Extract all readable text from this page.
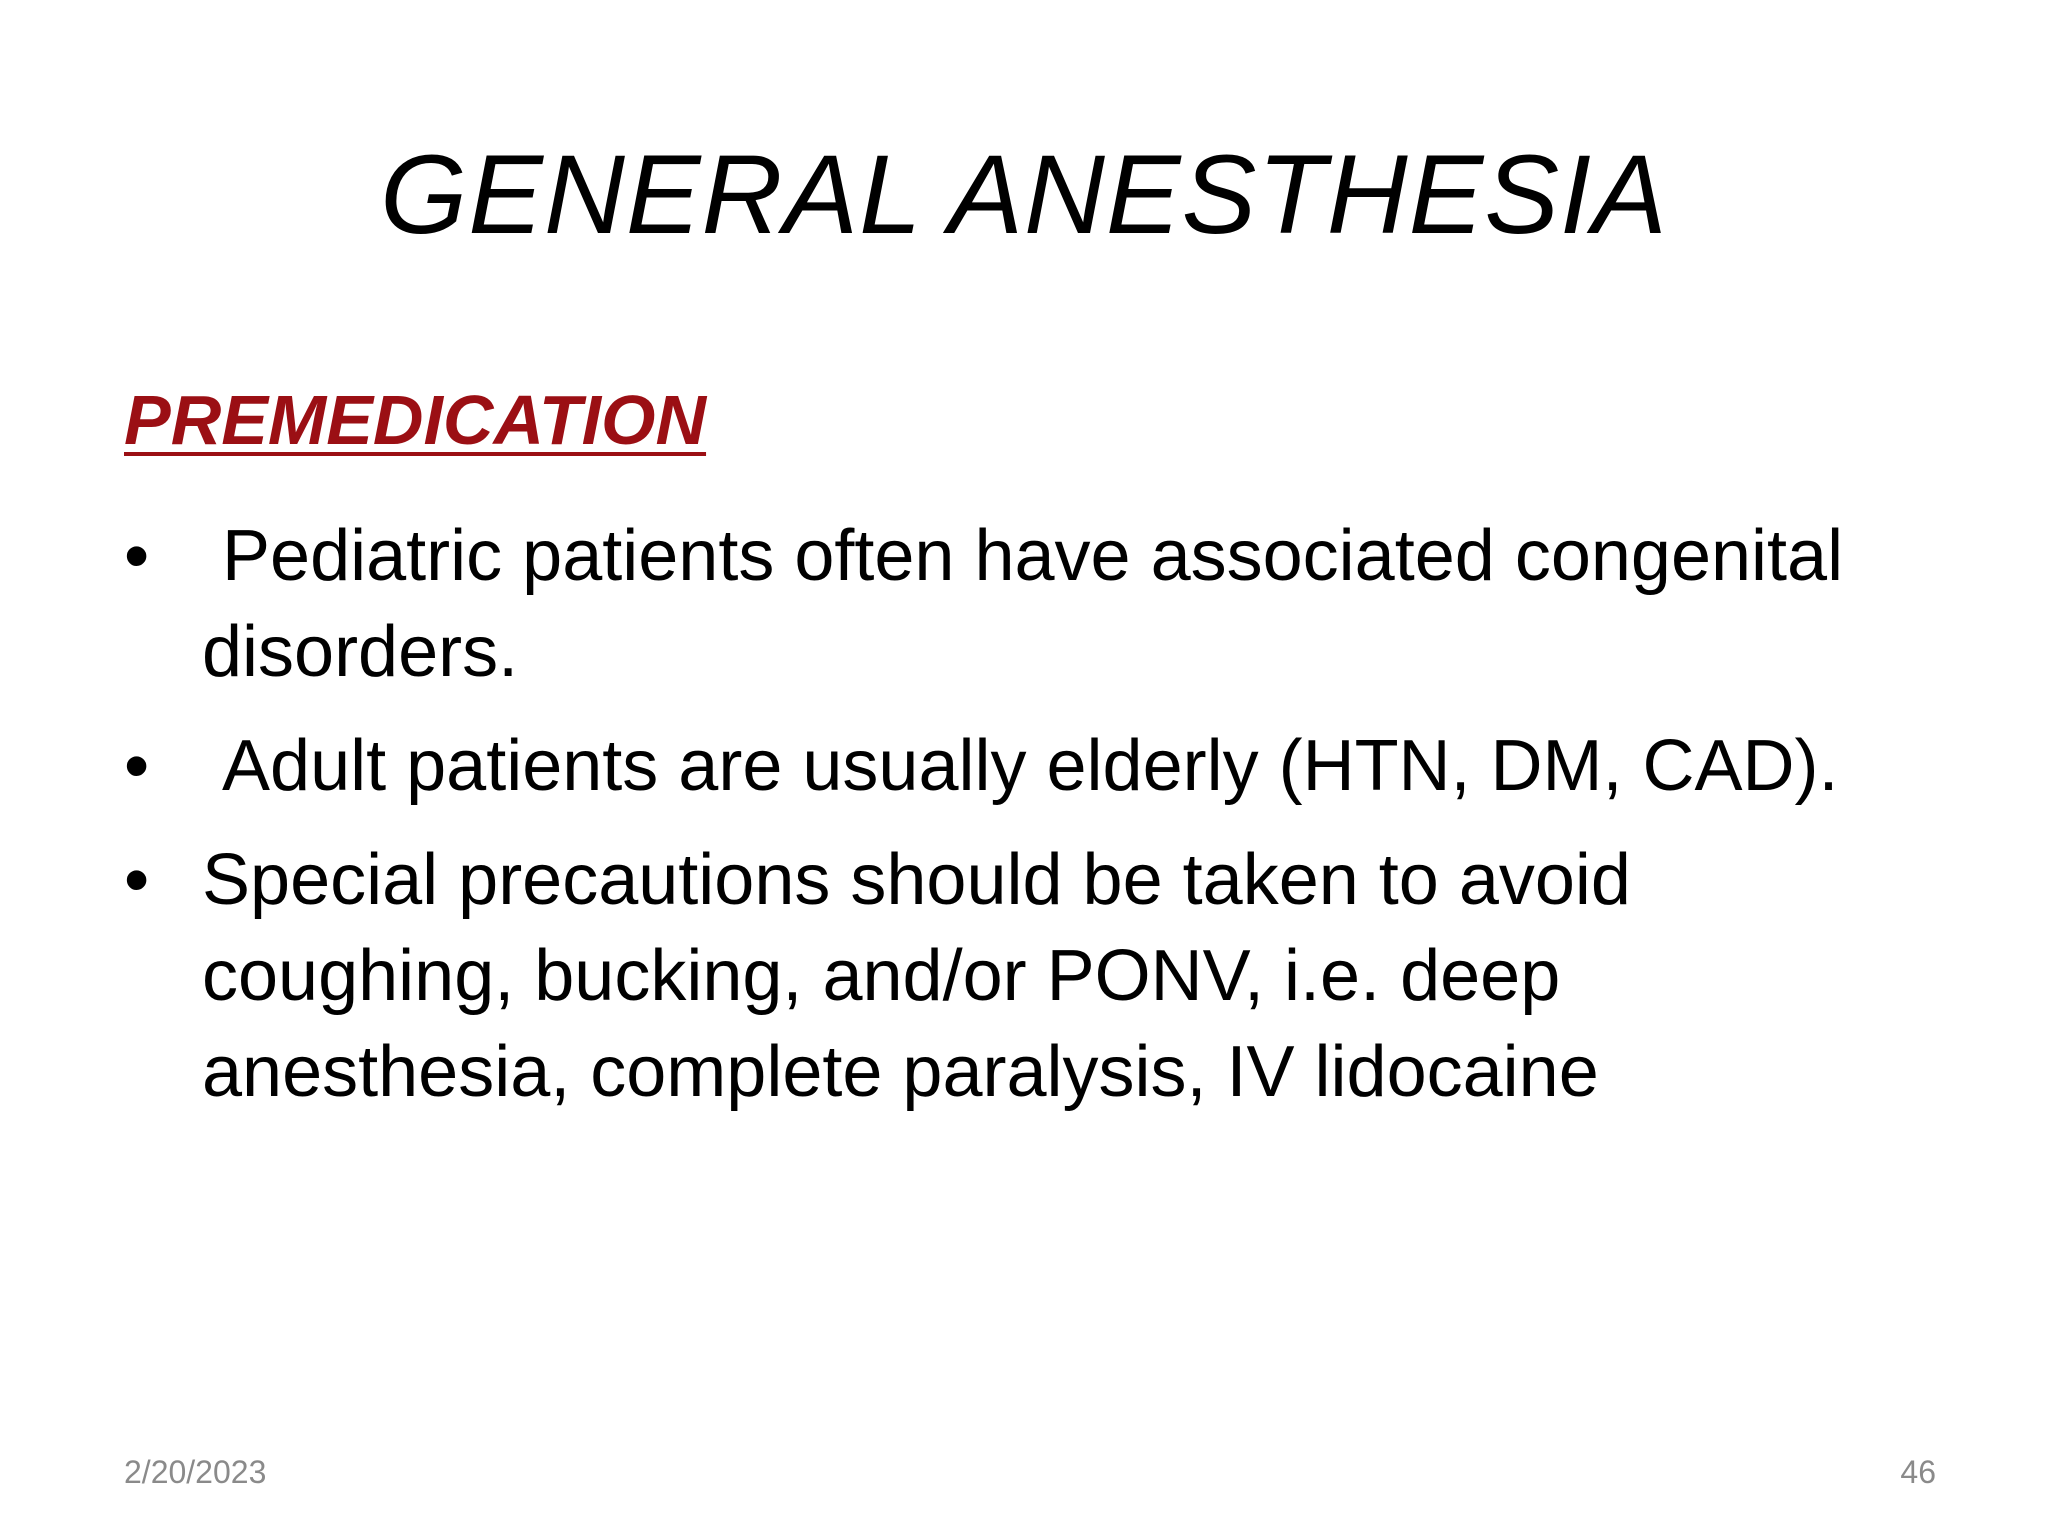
GENERAL ANESTHESIA
PREMEDICATION
• Pediatric patients often have associated congenital disorders.
• Adult patients are usually elderly (HTN, DM, CAD).
• Special precautions should be taken to avoid coughing, bucking, and/or PONV, i.e. deep anesthesia, complete paralysis, IV lidocaine
2/20/2023	46
